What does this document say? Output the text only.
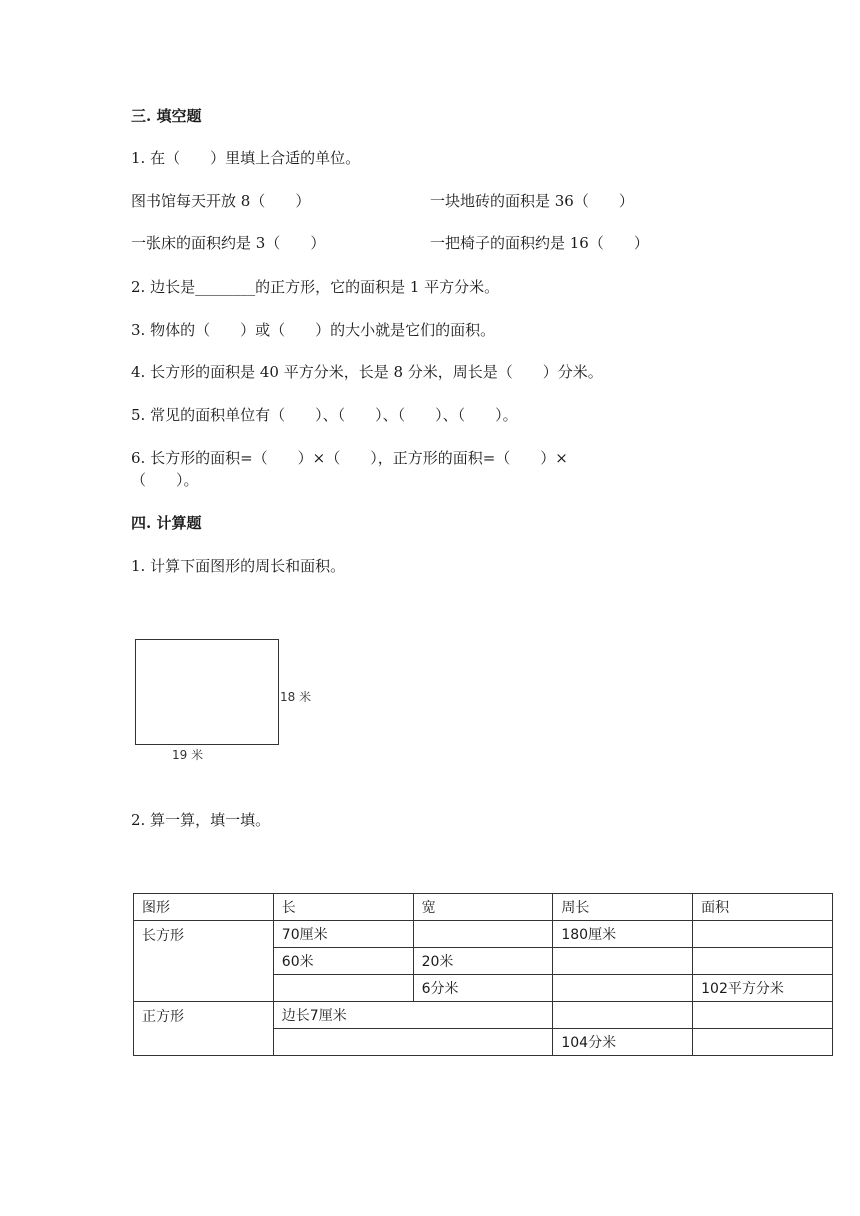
三. 填空题
1. 在（　　）里填上合适的单位。
图书馆每天开放 8（　　）	一块地砖的面积是 36（　　）
一张床的面积约是 3（　　）	一把椅子的面积约是 16（　　）
2. 边长是________的正方形，它的面积是 1 平方分米。
3. 物体的（　　）或（　　）的大小就是它们的面积。
4. 长方形的面积是 40 平方分米，长是 8 分米，周长是（　　）分米。
5. 常见的面积单位有（　　）、（　　）、（　　）、（　　）。
6. 长方形的面积=（　　）×（　　），正方形的面积=（　　）×
（　　）。
四. 计算题
1. 计算下面图形的周长和面积。
18 米
19 米
2. 算一算，填一填。
图形	长	宽	周长	面积
长方形	70厘米		180厘米	
	60米	20米		
		6分米		102平方分米
正方形	边长7厘米			
			104分米	
